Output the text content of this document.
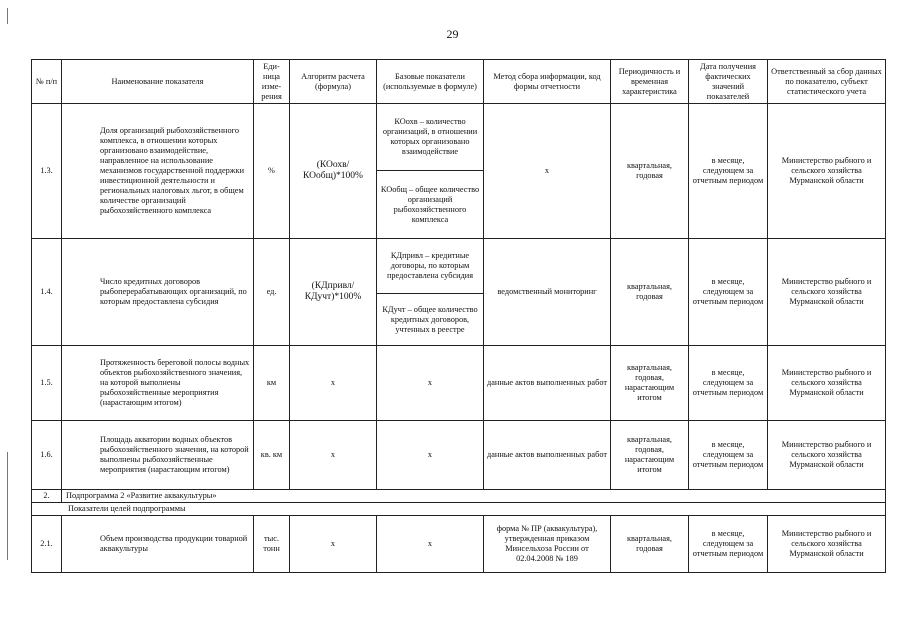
29
№ п/п	Наименование показателя	Еди-ница изме-рения	Алгоритм расчета (формула)	Базовые показатели (используемые в формуле)	Метод сбора информации, код формы отчетности	Периодичность и временная характеристика	Дата получения фактических значений показателей	Ответственный за сбор данных по показателю, субъект статистического учета
1.3.	Доля организаций рыбохозяйственного комплекса, в отношении которых организовано взаимодействие, направленное на использование механизмов государственной поддержки инвестиционной деятельности и региональных налоговых льгот, в общем количестве организаций рыбохозяйственного комплекса	%	(КОохв/ КОобщ)*100%	КОохв – количество организаций, в отношении которых организовано взаимодействие	х	квартальная, годовая	в месяце, следующем за отчетным периодом	Министерство рыбного и сельского хозяйства Мурманской области
				КОобщ – общее количество организаций рыбохозяйственного комплекса				
1.4.	Число кредитных договоров рыбоперерабатывающих организаций, по которым предоставлена субсидия	ед.	(КДпривл/ КДучт)*100%	КДпривл – кредитные договоры, по которым предоставлена субсидия	ведомственный мониторинг	квартальная, годовая	в месяце, следующем за отчетным периодом	Министерство рыбного и сельского хозяйства Мурманской области
				КДучт – общее количество кредитных договоров, учтенных в реестре				
1.5.	Протяженность береговой полосы водных объектов рыбохозяйственного значения, на которой выполнены рыбохозяйственные мероприятия (нарастающим итогом)	км	х	х	данные актов выполненных работ	квартальная, годовая, нарастающим итогом	в месяце, следующем за отчетным периодом	Министерство рыбного и сельского хозяйства Мурманской области
1.6.	Площадь акватории водных объектов рыбохозяйственного значения, на которой выполнены рыбохозяйственные мероприятия (нарастающим итогом)	кв. км	х	х	данные актов выполненных работ	квартальная, годовая, нарастающим итогом	в месяце, следующем за отчетным периодом	Министерство рыбного и сельского хозяйства Мурманской области
2.	Подпрограмма 2 «Развитие аквакультуры»							
Показатели целей подпрограммы								
2.1.	Объем производства продукции товарной аквакультуры	тыс. тонн	х	х	форма № ПР (аквакультура), утвержденная приказом Минсельхоза России от 02.04.2008 № 189	квартальная, годовая	в месяце, следующем за отчетным периодом	Министерство рыбного и сельского хозяйства Мурманской области
